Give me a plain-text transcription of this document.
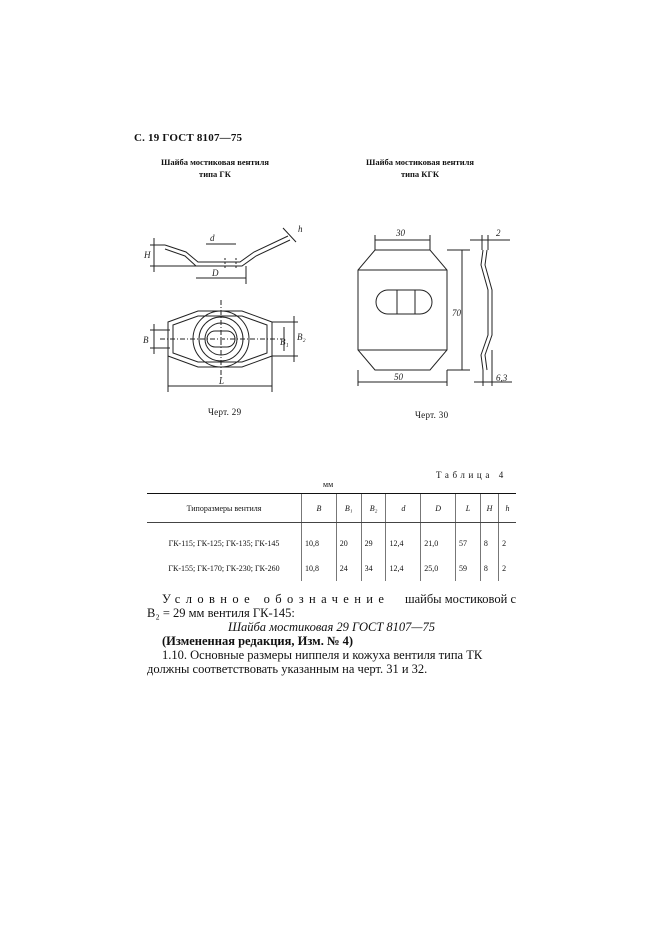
С. 19 ГОСТ 8107—75
Шайба мостиковая вентиля
типа ГК
Шайба мостиковая вентиля
типа КГК
d
D
h
H
B	B₁ B₂
L
30
50
70
2
6,3
Черт. 29	Черт. 30
Таблица 4
мм
Типоразмеры вентиля	B	B₁	B₂	d	D	L	H	h
ГК-115; ГК-125; ГК-135; ГК-145	10,8	20	29	12,4	21,0	57	8	2
ГК-155; ГК-170; ГК-230; ГК-260	10,8	24	34	12,4	25,0	59	8	2
Условное обозначение шайбы мостиковой с
B₂ = 29 мм вентиля ГК-145:
Шайба мостиковая 29 ГОСТ 8107—75
(Измененная редакция, Изм. № 4)
1.10. Основные размеры ниппеля и кожуха вентиля типа ТК
должны соответствовать указанным на черт. 31 и 32.
